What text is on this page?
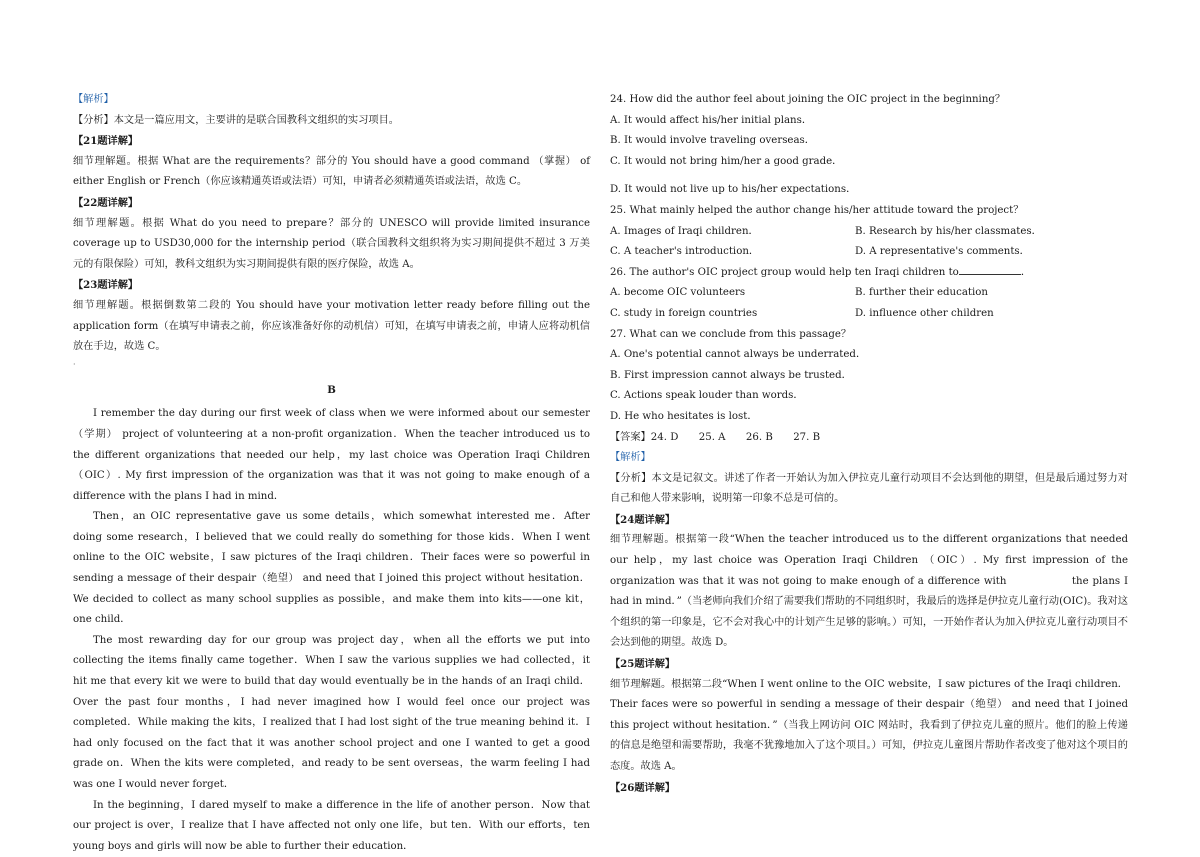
【解析】

【分析】本文是一篇应用文，主要讲的是联合国教科文组织的实习项目。

【21题详解】

细节理解题。根据 What are the requirements？部分的 You should have a good command （掌握） of either English or French（你应该精通英语或法语）可知，申请者必须精通英语或法语，故选 C。

【22题详解】

细节理解题。根据 What do you need to prepare？部分的 UNESCO will provide limited insurance coverage up to USD30,000 for the internship period（联合国教科文组织将为实习期间提供不超过 3 万美元的有限保险）可知，教科文组织为实习期间提供有限的医疗保险，故选 A。

【23题详解】

细节理解题。根据倒数第二段的 You should have your motivation letter ready before filling out the application form（在填写申请表之前，你应该准备好你的动机信）可知，在填写申请表之前，申请人应将动机信放在手边，故选 C。

·

B

I remember the day during our first week of class when we were informed about our semester（学期） project of volunteering at a non-profit organization．When the teacher introduced us to the different organizations that needed our help，my last choice was Operation Iraqi Children（OIC）. My first impression of the organization was that it was not going to make enough of a difference with the plans I had in mind．

Then，an OIC representative gave us some details，which somewhat interested me．After doing some research，I believed that we could really do something for those kids．When I went online to the OIC website，I saw pictures of the Iraqi children．Their faces were so powerful in sending a message of their despair（绝望） and need that I joined this project without hesitation．We decided to collect as many school supplies as possible，and make them into kits——one kit，one child．

The most rewarding day for our group was project day，when all the efforts we put into collecting the items finally came together．When I saw the various supplies we had collected，it hit me that every kit we were to build that day would eventually be in the hands of an Iraqi child．Over the past four months，I had never imagined how I would feel once our project was completed．While making the kits，I realized that I had lost sight of the true meaning behind it．I had only focused on the fact that it was another school project and one I wanted to get a good grade on．When the kits were completed，and ready to be sent overseas，the warm feeling I had was one I would never forget．

In the beginning，I dared myself to make a difference in the life of another person．Now that our project is over，I realize that I have affected not only one life，but ten．With our efforts，ten young boys and girls will now be able to further their education．

24. How did the author feel about joining the OIC project in the beginning？

A. It would affect his/her initial plans．

B. It would involve traveling overseas．

C. It would not bring him/her a good grade．

D. It would not live up to his/her expectations．

25. What mainly helped the author change his/her attitude toward the project？

A. Images of Iraqi children．	B. Research by his/her classmates．
C. A teacher's introduction．	D. A representative's comments．

26. The author's OIC project group would help ten Iraqi children to	．

A. become OIC volunteers	B. further their education
C. study in foreign countries	D. influence other children

27. What can we conclude from this passage？

A. One's potential cannot always be underrated．

B. First impression cannot always be trusted．

C. Actions speak louder than words．

D. He who hesitates is lost．

【答案】24. D　　25. A　　26. B　　27. B

【解析】

【分析】本文是记叙文。讲述了作者一开始认为加入伊拉克儿童行动项目不会达到他的期望，但是最后通过努力对自己和他人带来影响，说明第一印象不总是可信的。

【24题详解】

细节理解题。根据第一段“When the teacher introduced us to the different organizations that needed our help，my last choice was Operation Iraqi Children （OIC）. My first impression of the organization was that it was not going to make enough of a difference with　　　　　　the plans I had in mind．”（当老师向我们介绍了需要我们帮助的不同组织时，我最后的选择是伊拉克儿童行动(OIC)。我对这个组织的第一印象是，它不会对我心中的计划产生足够的影响。）可知，一开始作者认为加入伊拉克儿童行动项目不会达到他的期望。故选 D。

【25题详解】

细节理解题。根据第二段“When I went online to the OIC website，I saw pictures of the Iraqi children．Their faces were so powerful in sending a message of their despair（绝望） and need that I joined this project without hesitation．”（当我上网访问 OIC 网站时，我看到了伊拉克儿童的照片。他们的脸上传递的信息是绝望和需要帮助，我毫不犹豫地加入了这个项目。）可知，伊拉克儿童图片帮助作者改变了他对这个项目的态度。故选 A。

【26题详解】
